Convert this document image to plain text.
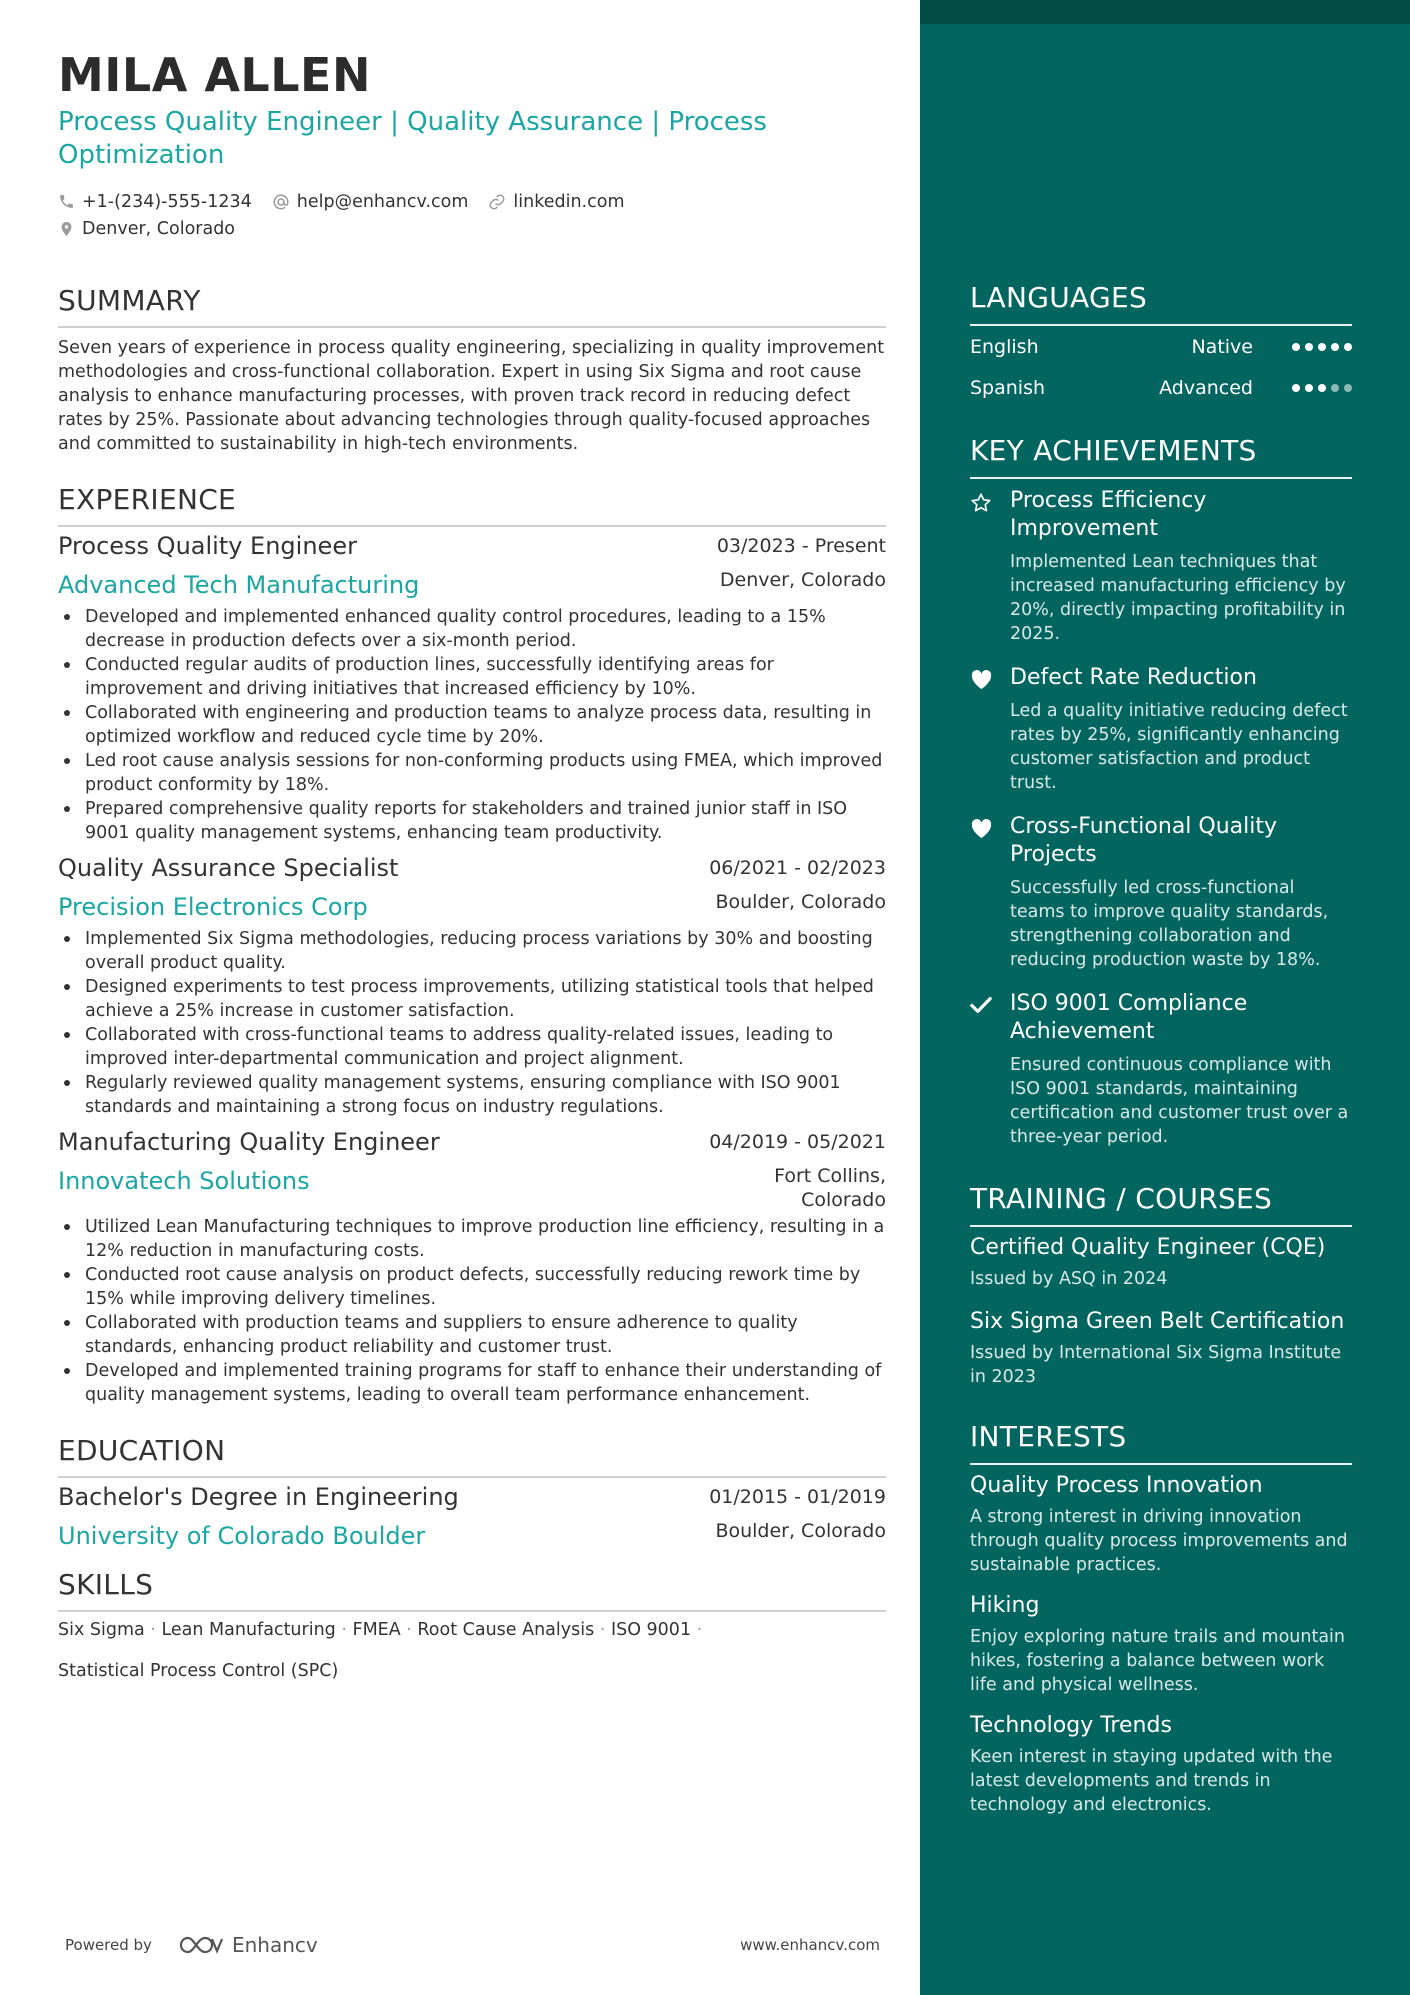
MILA ALLEN
Process Quality Engineer | Quality Assurance | Process Optimization
+1-(234)-555-1234	help@enhancv.com	linkedin.com
Denver, Colorado
SUMMARY
Seven years of experience in process quality engineering, specializing in quality improvement methodologies and cross-functional collaboration. Expert in using Six Sigma and root cause analysis to enhance manufacturing processes, with proven track record in reducing defect rates by 25%. Passionate about advancing technologies through quality-focused approaches and committed to sustainability in high-tech environments.
EXPERIENCE
Process Quality Engineer	03/2023 - Present
Advanced Tech Manufacturing	Denver, Colorado
Developed and implemented enhanced quality control procedures, leading to a 15% decrease in production defects over a six-month period.
Conducted regular audits of production lines, successfully identifying areas for improvement and driving initiatives that increased efficiency by 10%.
Collaborated with engineering and production teams to analyze process data, resulting in optimized workflow and reduced cycle time by 20%.
Led root cause analysis sessions for non-conforming products using FMEA, which improved product conformity by 18%.
Prepared comprehensive quality reports for stakeholders and trained junior staff in ISO 9001 quality management systems, enhancing team productivity.
Quality Assurance Specialist	06/2021 - 02/2023
Precision Electronics Corp	Boulder, Colorado
Implemented Six Sigma methodologies, reducing process variations by 30% and boosting overall product quality.
Designed experiments to test process improvements, utilizing statistical tools that helped achieve a 25% increase in customer satisfaction.
Collaborated with cross-functional teams to address quality-related issues, leading to improved inter-departmental communication and project alignment.
Regularly reviewed quality management systems, ensuring compliance with ISO 9001 standards and maintaining a strong focus on industry regulations.
Manufacturing Quality Engineer	04/2019 - 05/2021
Innovatech Solutions	Fort Collins, Colorado
Utilized Lean Manufacturing techniques to improve production line efficiency, resulting in a 12% reduction in manufacturing costs.
Conducted root cause analysis on product defects, successfully reducing rework time by 15% while improving delivery timelines.
Collaborated with production teams and suppliers to ensure adherence to quality standards, enhancing product reliability and customer trust.
Developed and implemented training programs for staff to enhance their understanding of quality management systems, leading to overall team performance enhancement.
EDUCATION
Bachelor's Degree in Engineering	01/2015 - 01/2019
University of Colorado Boulder	Boulder, Colorado
SKILLS
Six Sigma · Lean Manufacturing · FMEA · Root Cause Analysis · ISO 9001 ·
Statistical Process Control (SPC)
Powered by	Enhancv	www.enhancv.com
LANGUAGES
English	Native
Spanish	Advanced
KEY ACHIEVEMENTS
Process Efficiency Improvement
Implemented Lean techniques that increased manufacturing efficiency by 20%, directly impacting profitability in 2025.
Defect Rate Reduction
Led a quality initiative reducing defect rates by 25%, significantly enhancing customer satisfaction and product trust.
Cross-Functional Quality Projects
Successfully led cross-functional teams to improve quality standards, strengthening collaboration and reducing production waste by 18%.
ISO 9001 Compliance Achievement
Ensured continuous compliance with ISO 9001 standards, maintaining certification and customer trust over a three-year period.
TRAINING / COURSES
Certified Quality Engineer (CQE)
Issued by ASQ in 2024
Six Sigma Green Belt Certification
Issued by International Six Sigma Institute in 2023
INTERESTS
Quality Process Innovation
A strong interest in driving innovation through quality process improvements and sustainable practices.
Hiking
Enjoy exploring nature trails and mountain hikes, fostering a balance between work life and physical wellness.
Technology Trends
Keen interest in staying updated with the latest developments and trends in technology and electronics.
